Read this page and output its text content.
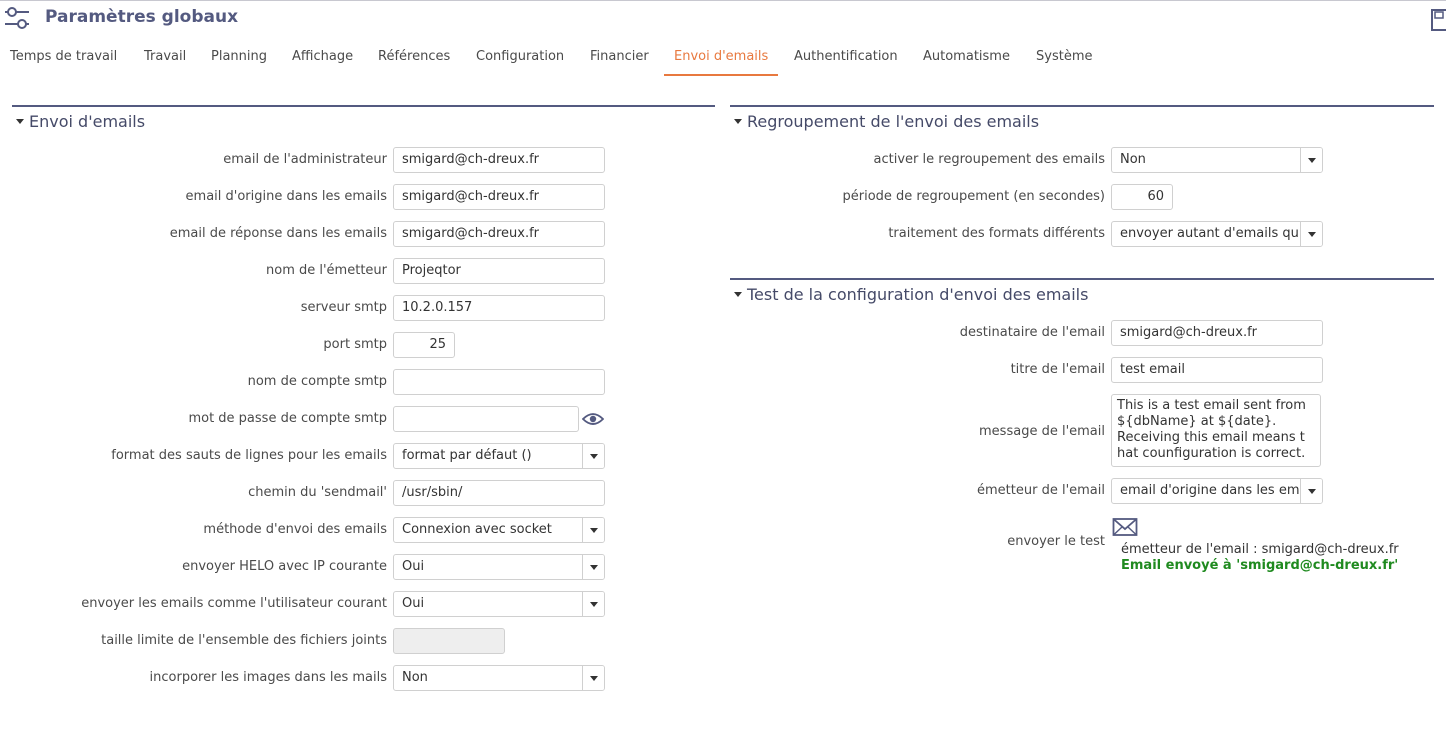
Paramètres globaux
Temps de travail Travail Planning Affichage Références Configuration Financier	Envoi d'emails	Authentification Automatisme Système
Envoi d'emails
email de l'administrateur	smigard@ch-dreux.fr
email d'origine dans les emails	smigard@ch-dreux.fr
email de réponse dans les emails	smigard@ch-dreux.fr
nom de l'émetteur	Projeqtor
serveur smtp	10.2.0.157
port smtp	25
nom de compte smtp
mot de passe de compte smtp
format des sauts de lignes pour les emails	format par défaut ()
chemin du 'sendmail'	/usr/sbin/
méthode d'envoi des emails	Connexion avec socket
envoyer HELO avec IP courante	Oui
envoyer les emails comme l'utilisateur courant	Oui
taille limite de l'ensemble des fichiers joints
incorporer les images dans les mails	Non
Regroupement de l'envoi des emails
activer le regroupement des emails	Non
période de regroupement (en secondes)	60
traitement des formats différents	envoyer autant d'emails qu
Test de la configuration d'envoi des emails
destinataire de l'email	smigard@ch-dreux.fr
titre de l'email	test email
message de l'email
This is a test email sent from
${dbName} at ${date}.
Receiving this email means t
hat counfiguration is correct.
émetteur de l'email	email d'origine dans les em
envoyer le test
émetteur de l'email : smigard@ch-dreux.fr
Email envoyé à 'smigard@ch-dreux.fr'
